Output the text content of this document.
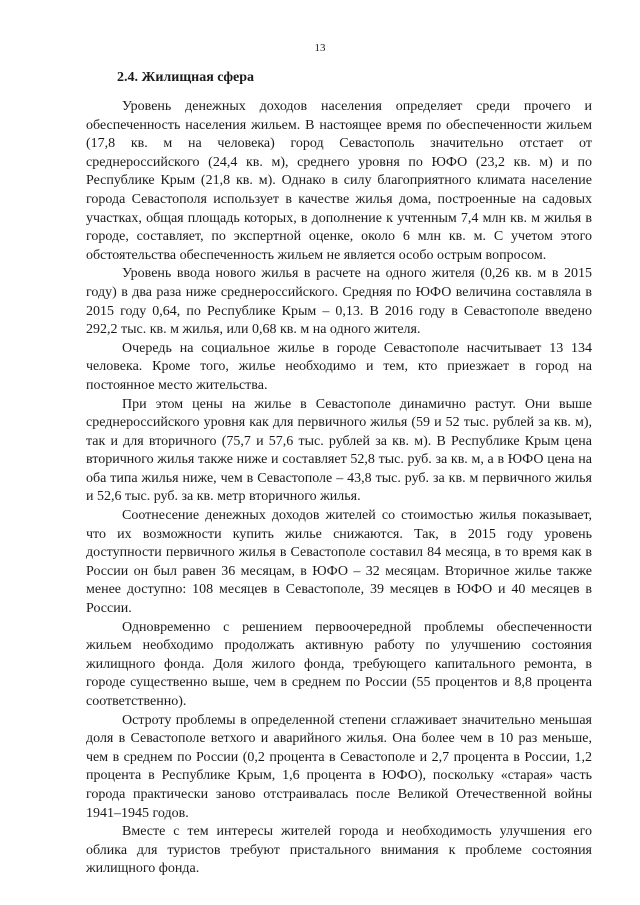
13
2.4. Жилищная сфера

Уровень денежных доходов населения определяет среди прочего и обеспеченность населения жильем. В настоящее время по обеспеченности жильем (17,8 кв. м на человека) город Севастополь значительно отстает от среднероссийского (24,4 кв. м), среднего уровня по ЮФО (23,2 кв. м) и по Республике Крым (21,8 кв. м). Однако в силу благоприятного климата население города Севастополя использует в качестве жилья дома, построенные на садовых участках, общая площадь которых, в дополнение к учтенным 7,4 млн кв. м жилья в городе, составляет, по экспертной оценке, около 6 млн кв. м. С учетом этого обстоятельства обеспеченность жильем не является особо острым вопросом.

Уровень ввода нового жилья в расчете на одного жителя (0,26 кв. м в 2015 году) в два раза ниже среднероссийского. Средняя по ЮФО величина составляла в 2015 году 0,64, по Республике Крым – 0,13. В 2016 году в Севастополе введено 292,2 тыс. кв. м жилья, или 0,68 кв. м на одного жителя.

Очередь на социальное жилье в городе Севастополе насчитывает 13 134 человека. Кроме того, жилье необходимо и тем, кто приезжает в город на постоянное место жительства.

При этом цены на жилье в Севастополе динамично растут. Они выше среднероссийского уровня как для первичного жилья (59 и 52 тыс. рублей за кв. м), так и для вторичного (75,7 и 57,6 тыс. рублей за кв. м). В Республике Крым цена вторичного жилья также ниже и составляет 52,8 тыс. руб. за кв. м, а в ЮФО цена на оба типа жилья ниже, чем в Севастополе – 43,8 тыс. руб. за кв. м первичного жилья и 52,6 тыс. руб. за кв. метр вторичного жилья.

Соотнесение денежных доходов жителей со стоимостью жилья показывает, что их возможности купить жилье снижаются. Так, в 2015 году уровень доступности первичного жилья в Севастополе составил 84 месяца, в то время как в России он был равен 36 месяцам, в ЮФО – 32 месяцам. Вторичное жилье также менее доступно: 108 месяцев в Севастополе, 39 месяцев в ЮФО и 40 месяцев в России.

Одновременно с решением первоочередной проблемы обеспеченности жильем необходимо продолжать активную работу по улучшению состояния жилищного фонда. Доля жилого фонда, требующего капитального ремонта, в городе существенно выше, чем в среднем по России (55 процентов и 8,8 процента соответственно).

Остроту проблемы в определенной степени сглаживает значительно меньшая доля в Севастополе ветхого и аварийного жилья. Она более чем в 10 раз меньше, чем в среднем по России (0,2 процента в Севастополе и 2,7 процента в России, 1,2 процента в Республике Крым, 1,6 процента в ЮФО), поскольку «старая» часть города практически заново отстраивалась после Великой Отечественной войны 1941–1945 годов.

Вместе с тем интересы жителей города и необходимость улучшения его облика для туристов требуют пристального внимания к проблеме состояния жилищного фонда.
